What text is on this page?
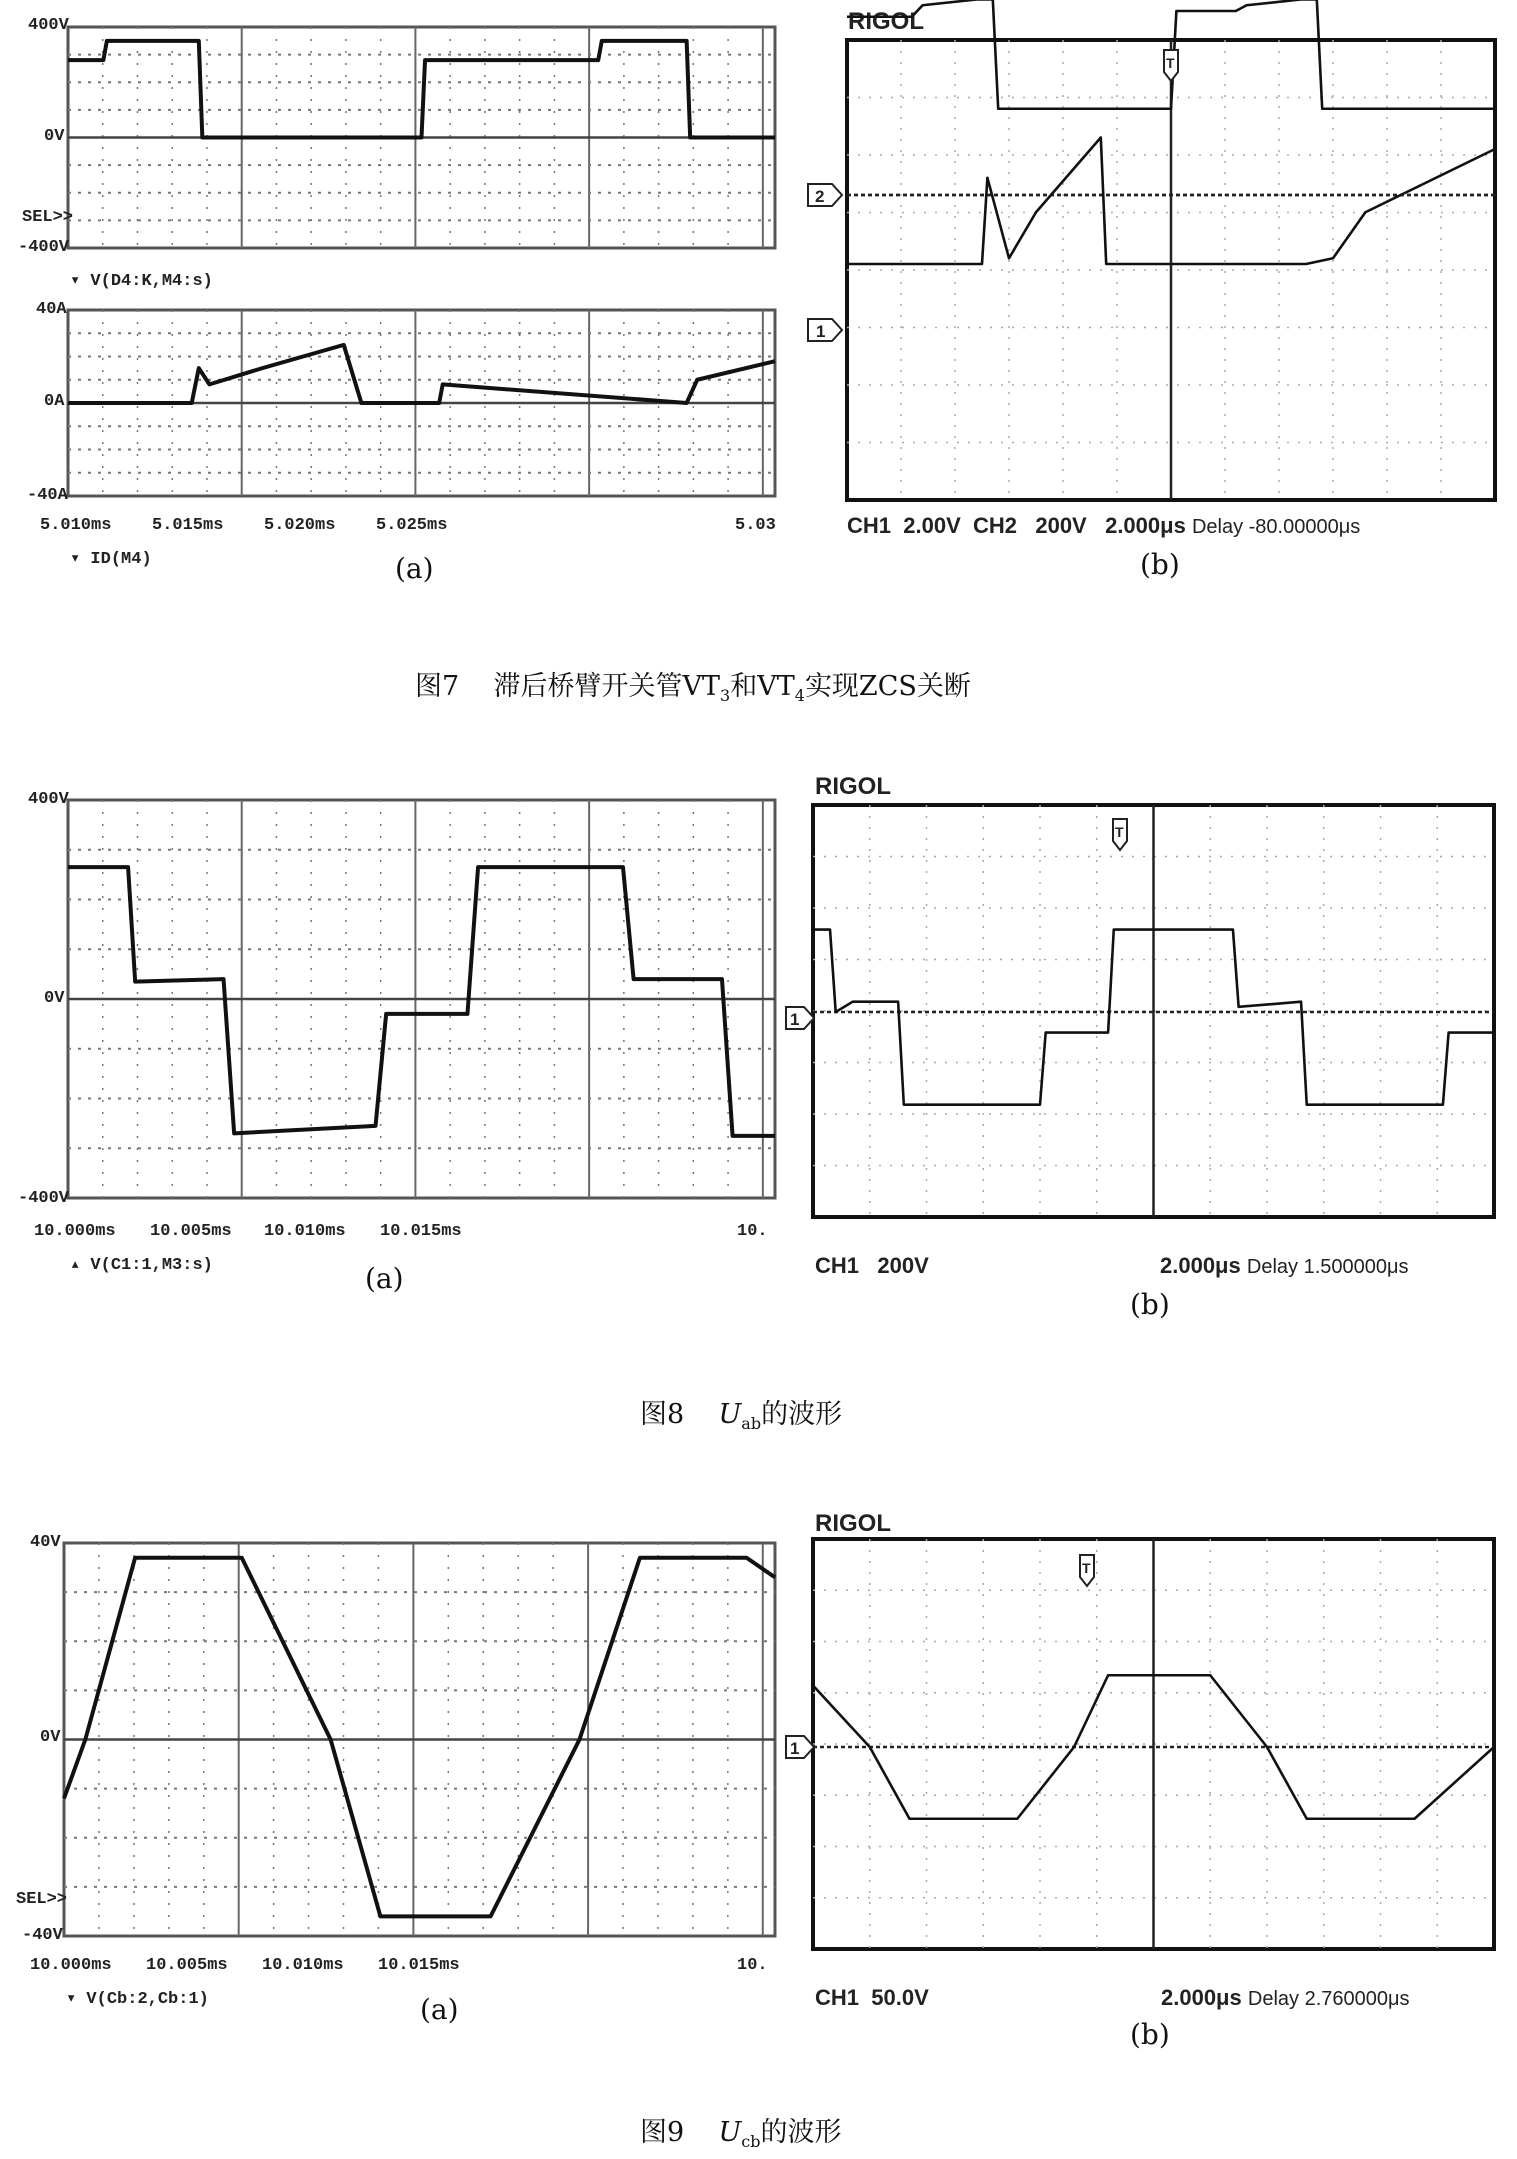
400V
0V
SEL>>
-400V
▾ V(D4:K,M4:s)
40A
0A
-40A
5.010ms 5.015ms 5.020ms 5.025ms	5.03
▾ ID(M4)	(a)
RIGOL
2
1
T
CH1 2.00V CH2 200V 2.000μs Delay -80.00000μs
(b)
图7 滞后桥臂开关管$VT_3$和$VT_4$实现ZCS关断
400V
0V
-400V
10.000ms 10.005ms 10.010ms 10.015ms	10.
▴ V(C1:1,M3:s)	(a)
RIGOL
1
T
CH1 200V	2.000μs Delay 1.500000μs
(b)
图8 $U_{ab}$的波形
40V
0V
SEL>>
-40V
10.000ms 10.005ms 10.010ms 10.015ms	10.
▾ V(Cb:2,Cb:1)	(a)
RIGOL
1
T
CH1 50.0V	2.000μs Delay 2.760000μs
(b)
图9 $U_{cb}$的波形
